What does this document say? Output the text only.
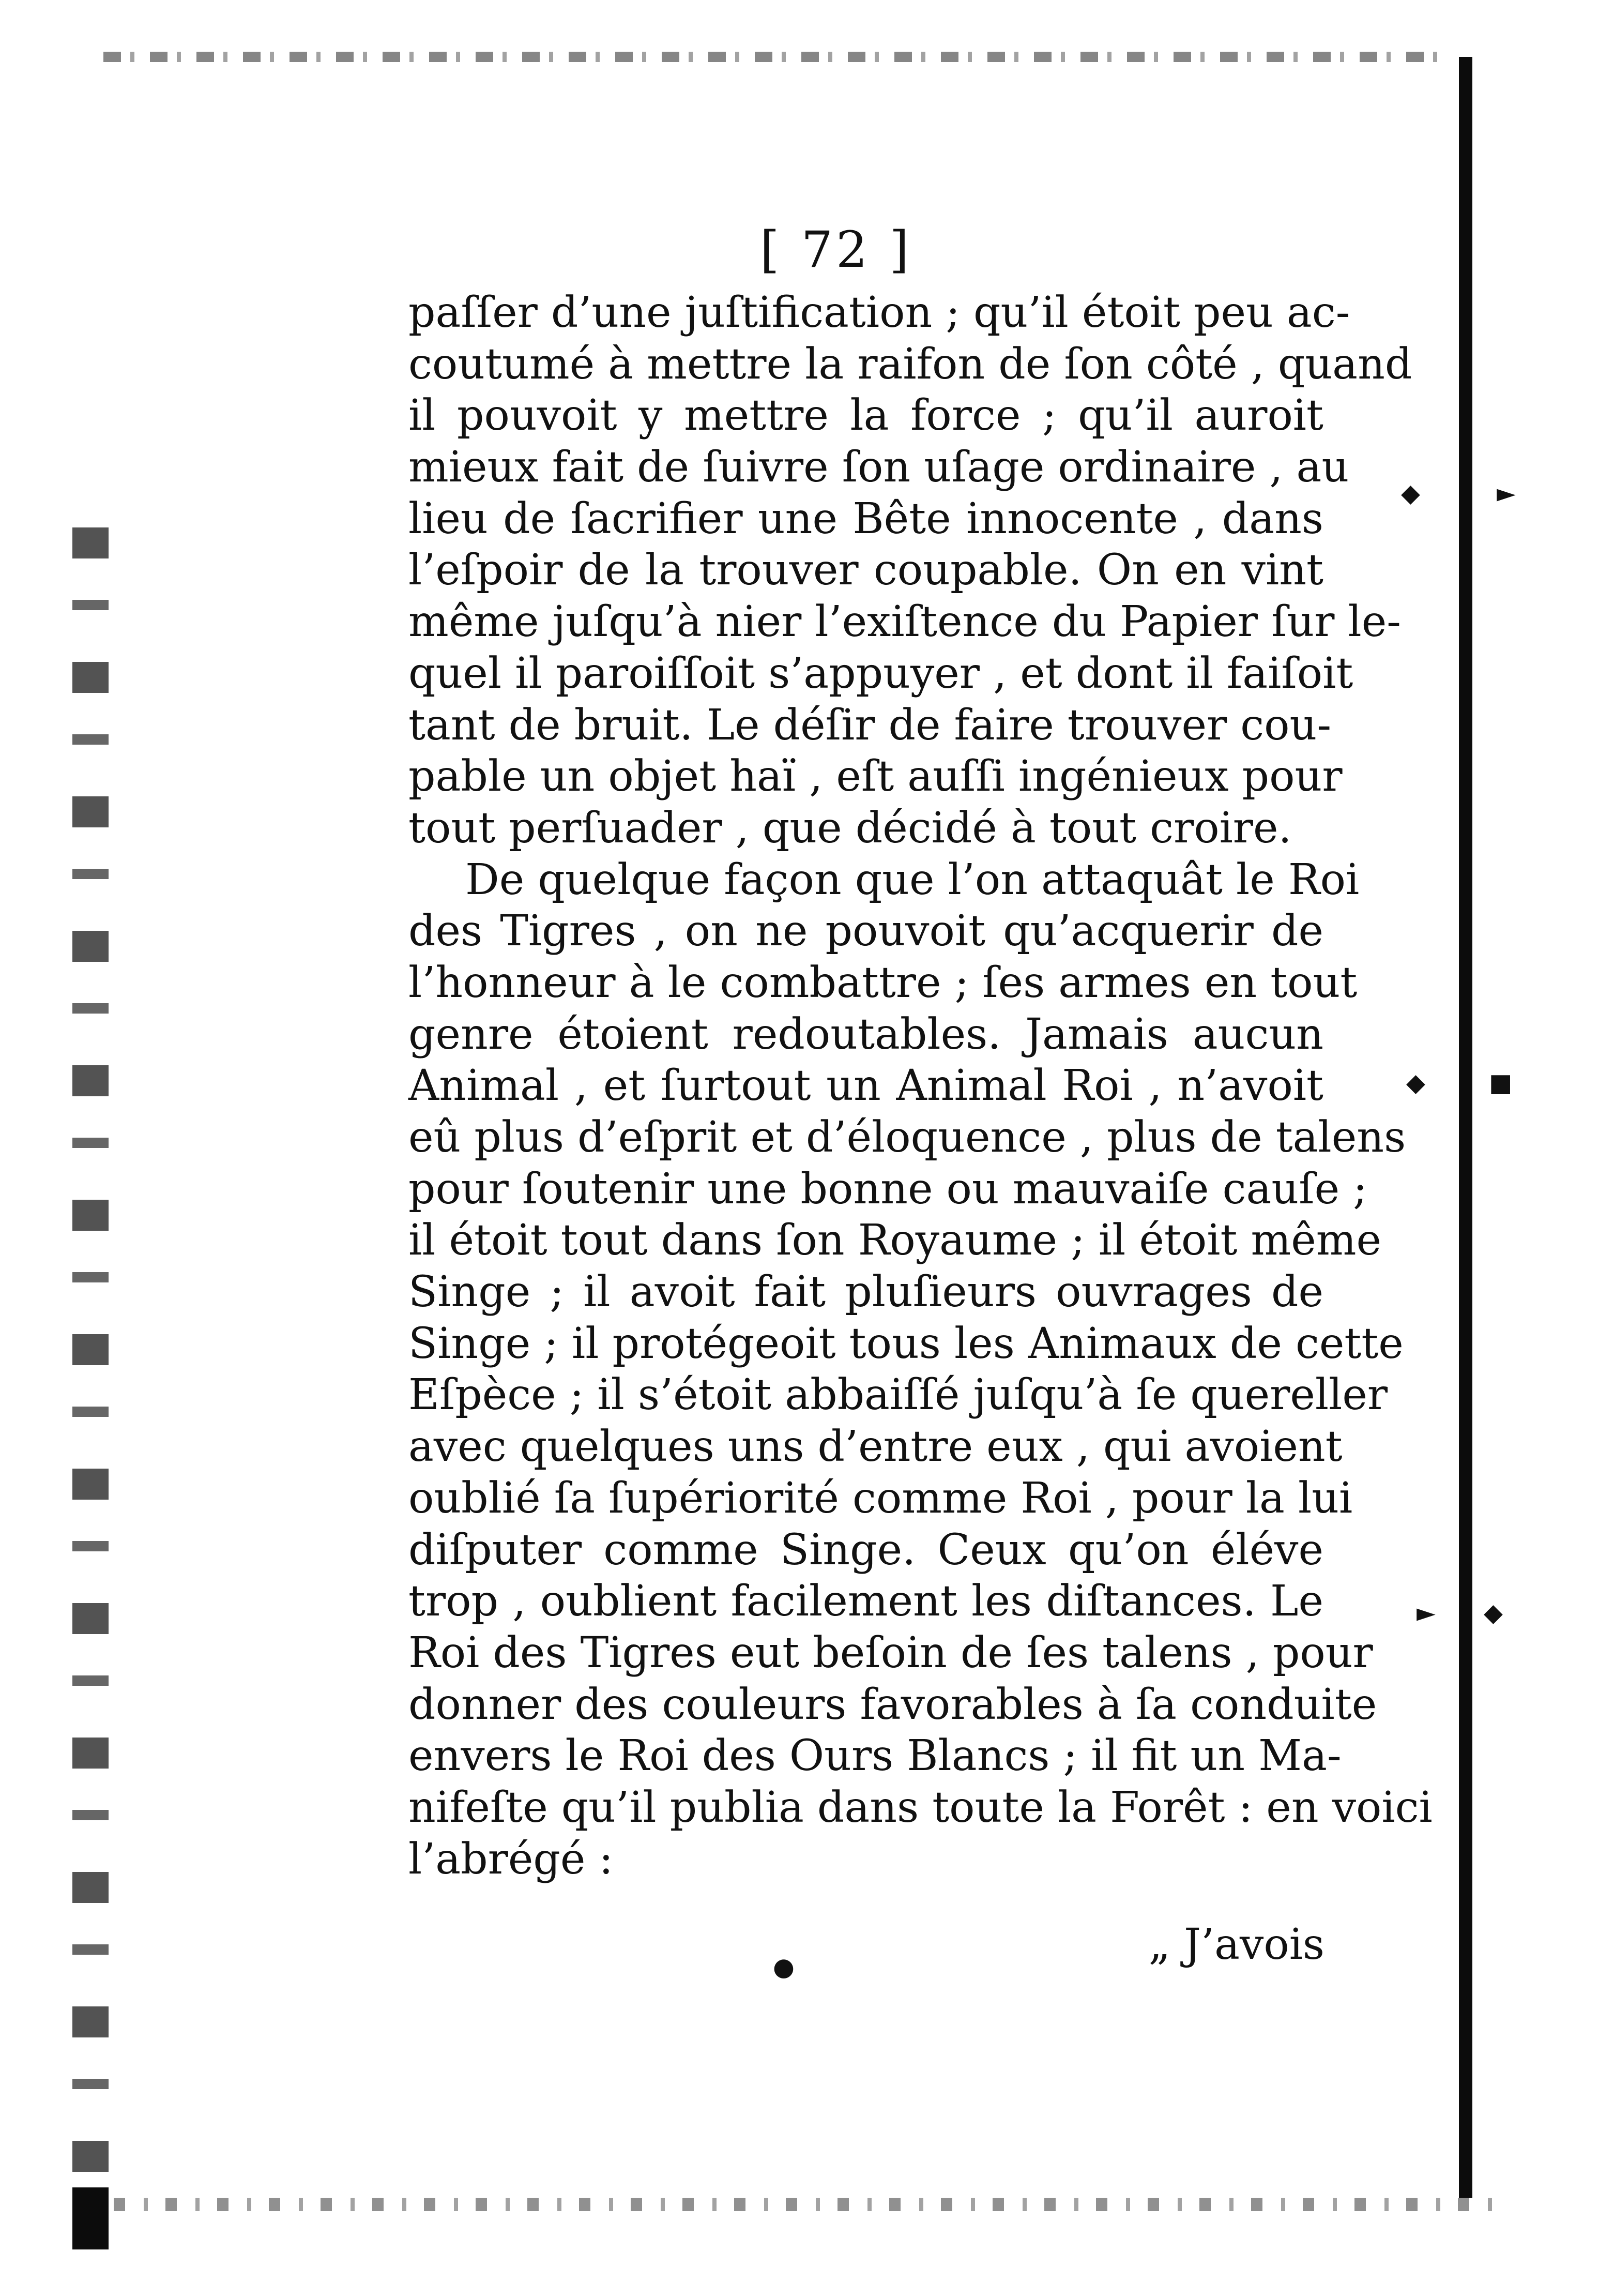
◆	►
◆	■
► ◆
●
[ 72 ]
paſſer d’une juſtification ; qu’il étoit peu ac-
coutumé à mettre la raifon de ſon côté , quand
il pouvoit y mettre la force ; qu’il auroit
mieux fait de ſuivre ſon uſage ordinaire , au
lieu de ſacrifier une Bête innocente , dans
l’eſpoir de la trouver coupable. On en vint
même juſqu’à nier l’exiſtence du Papier ſur le-
quel il paroiſſoit s’appuyer , et dont il faiſoit
tant de bruit. Le déſir de faire trouver cou-
pable un objet haï , eſt auſſi ingénieux pour
tout perſuader , que décidé à tout croire.
De quelque façon que l’on attaquât le Roi
des Tigres , on ne pouvoit qu’acquerir de
l’honneur à le combattre ; ſes armes en tout
genre étoient redoutables. Jamais aucun
Animal , et ſurtout un Animal Roi , n’avoit
eû plus d’eſprit et d’éloquence , plus de talens
pour ſoutenir une bonne ou mauvaiſe cauſe ;
il étoit tout dans ſon Royaume ; il étoit même
Singe ; il avoit fait pluſieurs ouvrages de
Singe ; il protégeoit tous les Animaux de cette
Eſpèce ; il s’étoit abbaiſſé juſqu’à ſe quereller
avec quelques uns d’entre eux , qui avoient
oublié ſa ſupériorité comme Roi , pour la lui
diſputer comme Singe. Ceux qu’on éléve
trop , oublient facilement les diſtances. Le
Roi des Tigres eut beſoin de ſes talens , pour
donner des couleurs favorables à ſa conduite
envers le Roi des Ours Blancs ; il fit un Ma-
nifeſte qu’il publia dans toute la Forêt : en voici
l’abrégé :
„ J’avois
